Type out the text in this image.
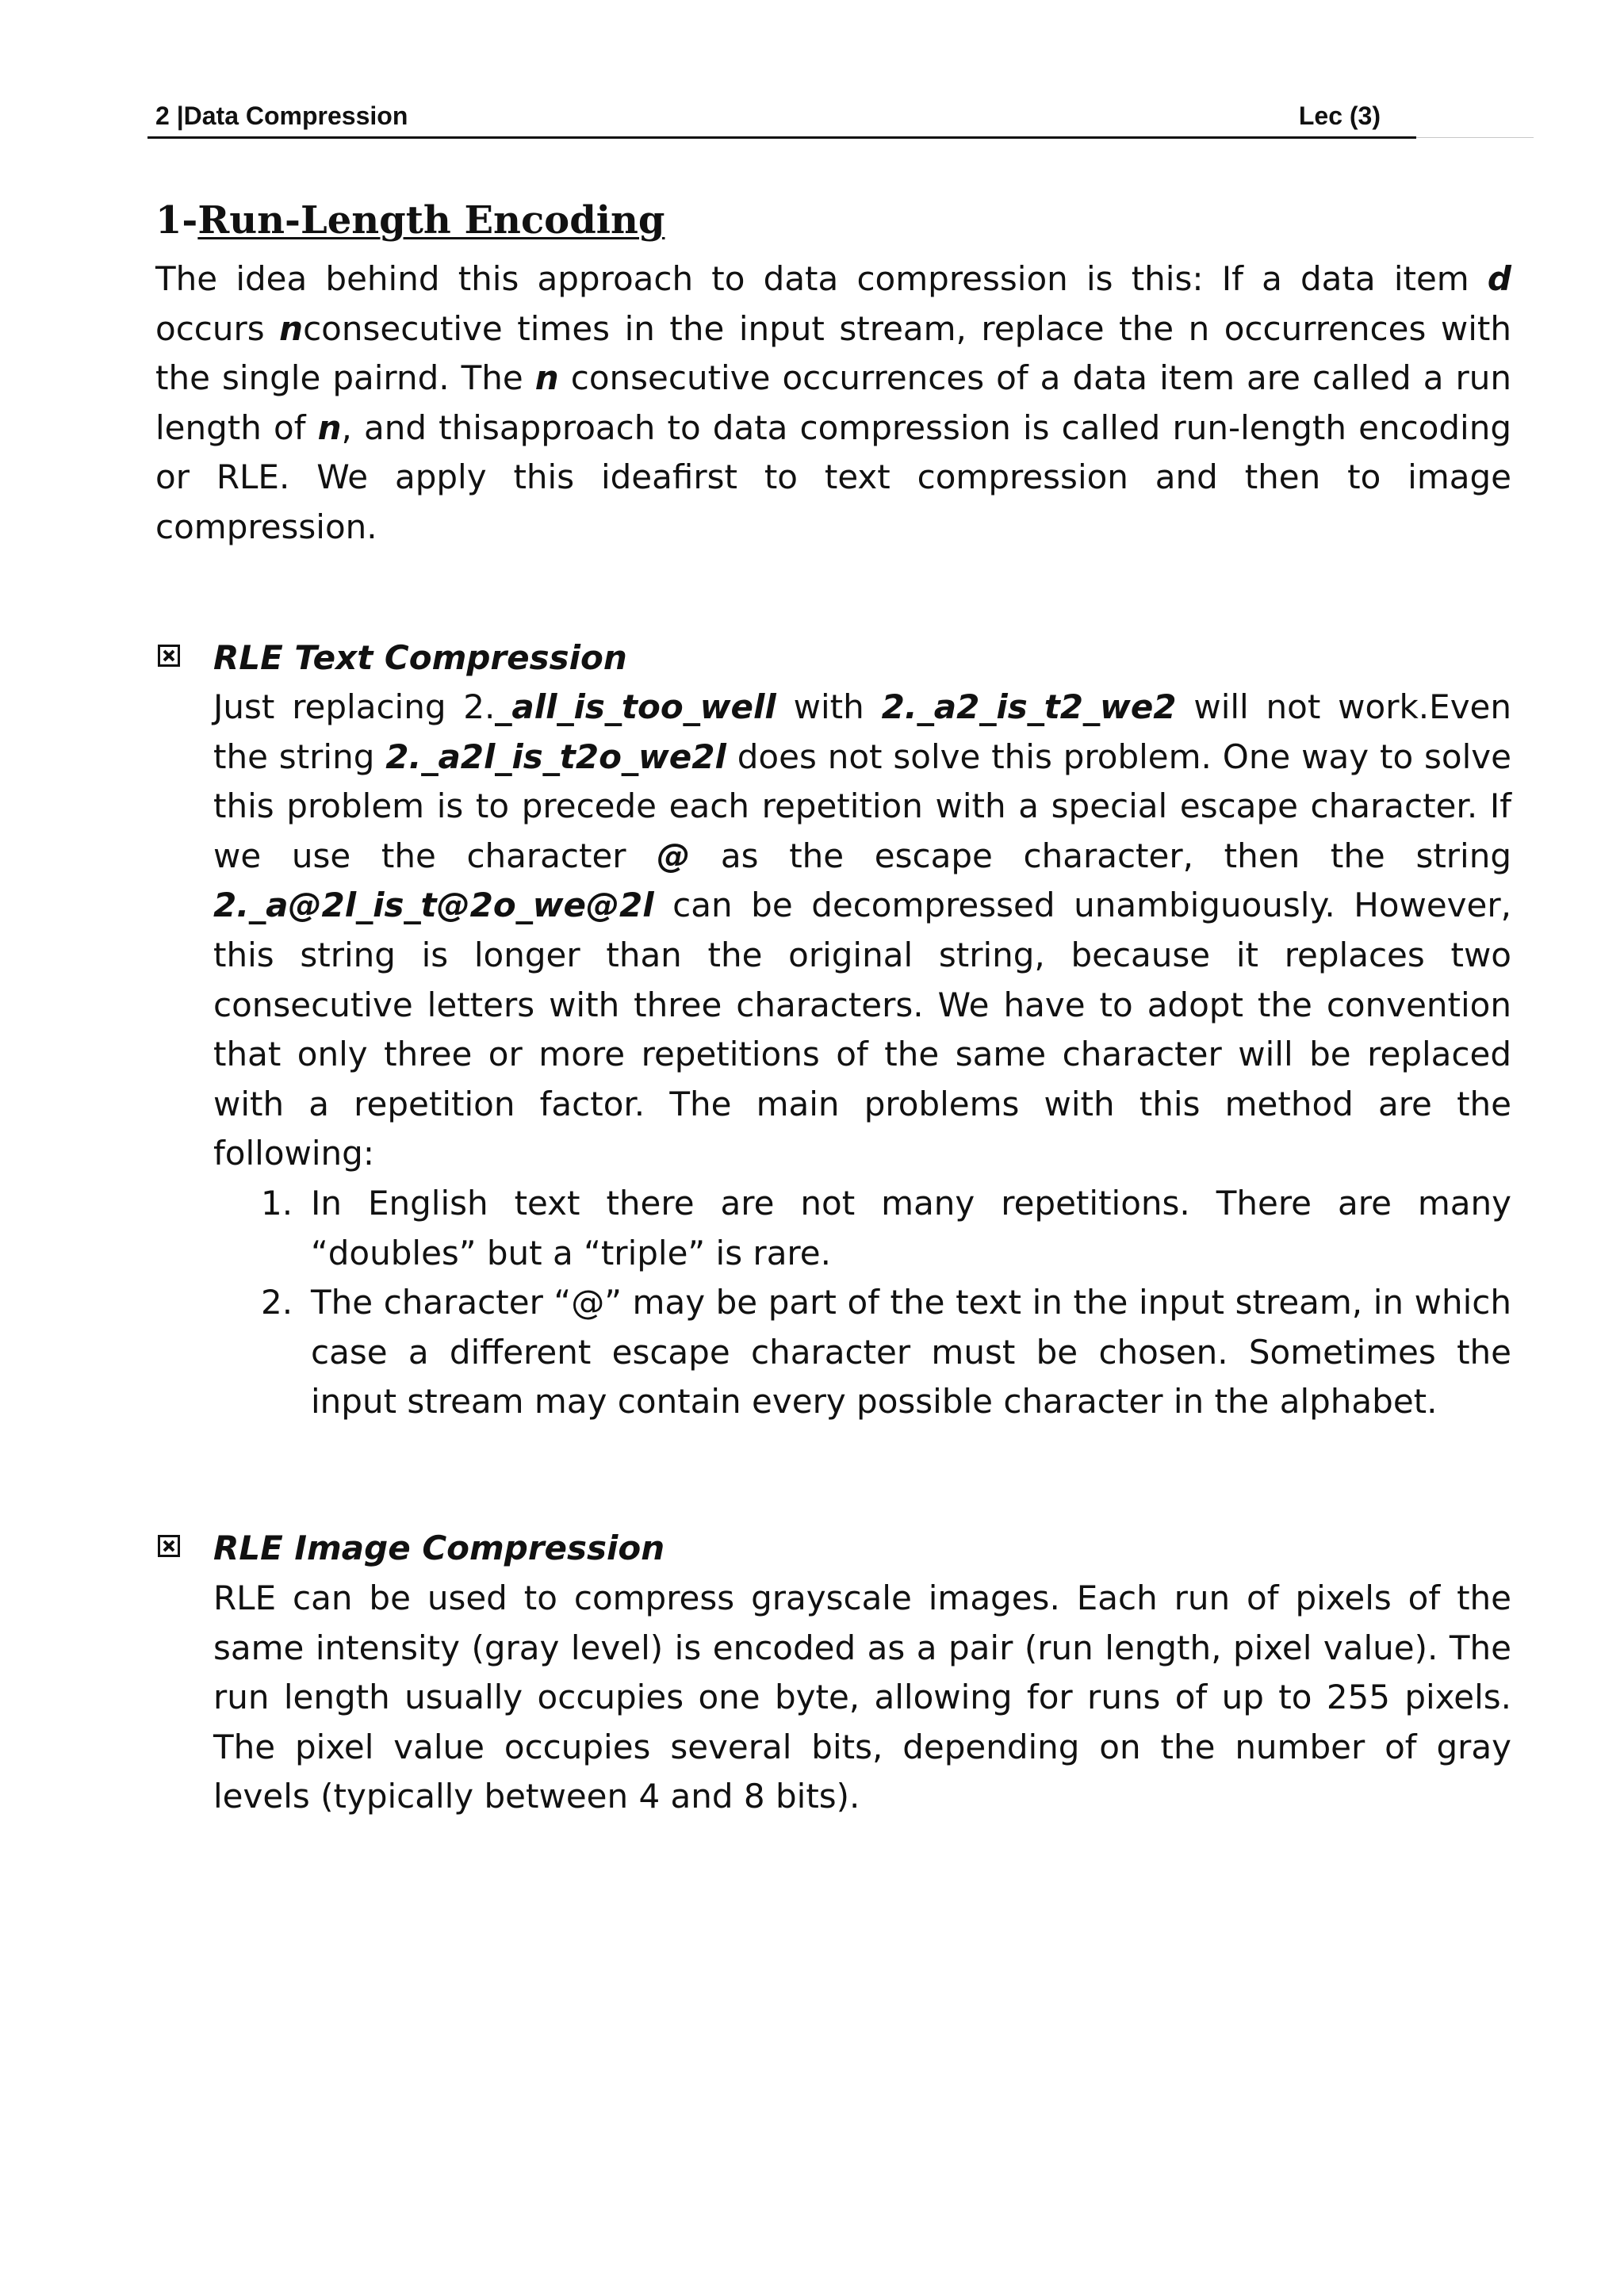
2 |Data Compression	Lec (3)
1-Run-Length Encoding

The idea behind this approach to data compression is this: If a data item d occurs nconsecutive times in the input stream, replace the n occurrences with the single pairnd. The n consecutive occurrences of a data item are called a run length of n, and thisapproach to data compression is called run-length encoding or RLE. We apply this ideafirst to text compression and then to image compression.

RLE Text Compression

Just replacing 2._all_is_too_well with 2._a2_is_t2_we2 will not work.Even the string 2._a2l_is_t2o_we2l does not solve this problem. One way to solve this problem is to precede each repetition with a special escape character. If we use the character @ as the escape character, then the string 2._a@2l_is_t@2o_we@2l can be decompressed unambiguously. However, this string is longer than the original string, because it replaces two consecutive letters with three characters. We have to adopt the convention that only three or more repetitions of the same character will be replaced with a repetition factor. The main problems with this method are the following:

1. In English text there are not many repetitions. There are many “doubles” but a “triple” is rare.
2. The character “@” may be part of the text in the input stream, in which case a different escape character must be chosen. Sometimes the input stream may contain every possible character in the alphabet.
RLE Image Compression

RLE can be used to compress grayscale images. Each run of pixels of the same intensity (gray level) is encoded as a pair (run length, pixel value). The run length usually occupies one byte, allowing for runs of up to 255 pixels. The pixel value occupies several bits, depending on the number of gray levels (typically between 4 and 8 bits).
